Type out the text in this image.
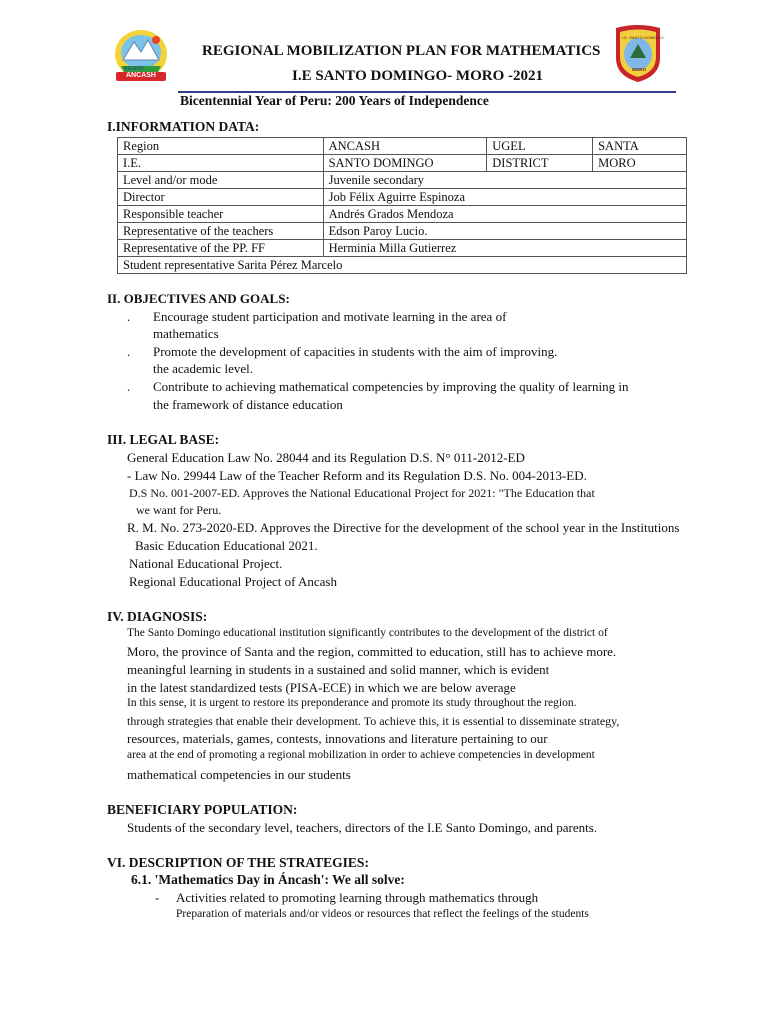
REGIÓN
ANCASH
I.E. SANTO DOMINGO
MORO
REGIONAL MOBILIZATION PLAN FOR MATHEMATICS
I.E SANTO DOMINGO- MORO -2021
Bicentennial Year of Peru: 200 Years of Independence
I.INFORMATION DATA:
Region	ANCASH	UGEL	SANTA
I.E.	SANTO DOMINGO	DISTRICT	MORO
Level and/or mode	Juvenile secondary		
Director	Job Félix Aguirre Espinoza		
Responsible teacher	Andrés Grados Mendoza		
Representative of the teachers	Edson Paroy Lucio.		
Representative of the PP. FF	Herminia Milla Gutierrez		
Student representative Sarita Pérez Marcelo			
II. OBJECTIVES AND GOALS:
. Encourage student participation and motivate learning in the area of
mathematics
. Promote the development of capacities in students with the aim of improving.
the academic level.
. Contribute to achieving mathematical competencies by improving the quality of learning in
the framework of distance education
III. LEGAL BASE:
General Education Law No. 28044 and its Regulation D.S. N° 011-2012-ED
- Law No. 29944 Law of the Teacher Reform and its Regulation D.S. No. 004-2013-ED.
D.S No. 001-2007-ED. Approves the National Educational Project for 2021: "The Education that
we want for Peru.
R. M. No. 273-2020-ED. Approves the Directive for the development of the school year in the Institutions
Basic Education Educational 2021.
National Educational Project.
Regional Educational Project of Ancash
IV. DIAGNOSIS:
The Santo Domingo educational institution significantly contributes to the development of the district of
Moro, the province of Santa and the region, committed to education, still has to achieve more.
meaningful learning in students in a sustained and solid manner, which is evident
in the latest standardized tests (PISA-ECE) in which we are below average
In this sense, it is urgent to restore its preponderance and promote its study throughout the region.
through strategies that enable their development. To achieve this, it is essential to disseminate strategy,
resources, materials, games, contests, innovations and literature pertaining to our
area at the end of promoting a regional mobilization in order to achieve competencies in development
mathematical competencies in our students
BENEFICIARY POPULATION:
Students of the secondary level, teachers, directors of the I.E Santo Domingo, and parents.
VI. DESCRIPTION OF THE STRATEGIES:
6.1. 'Mathematics Day in Áncash': We all solve:
- Activities related to promoting learning through mathematics through
Preparation of materials and/or videos or resources that reflect the feelings of the students
